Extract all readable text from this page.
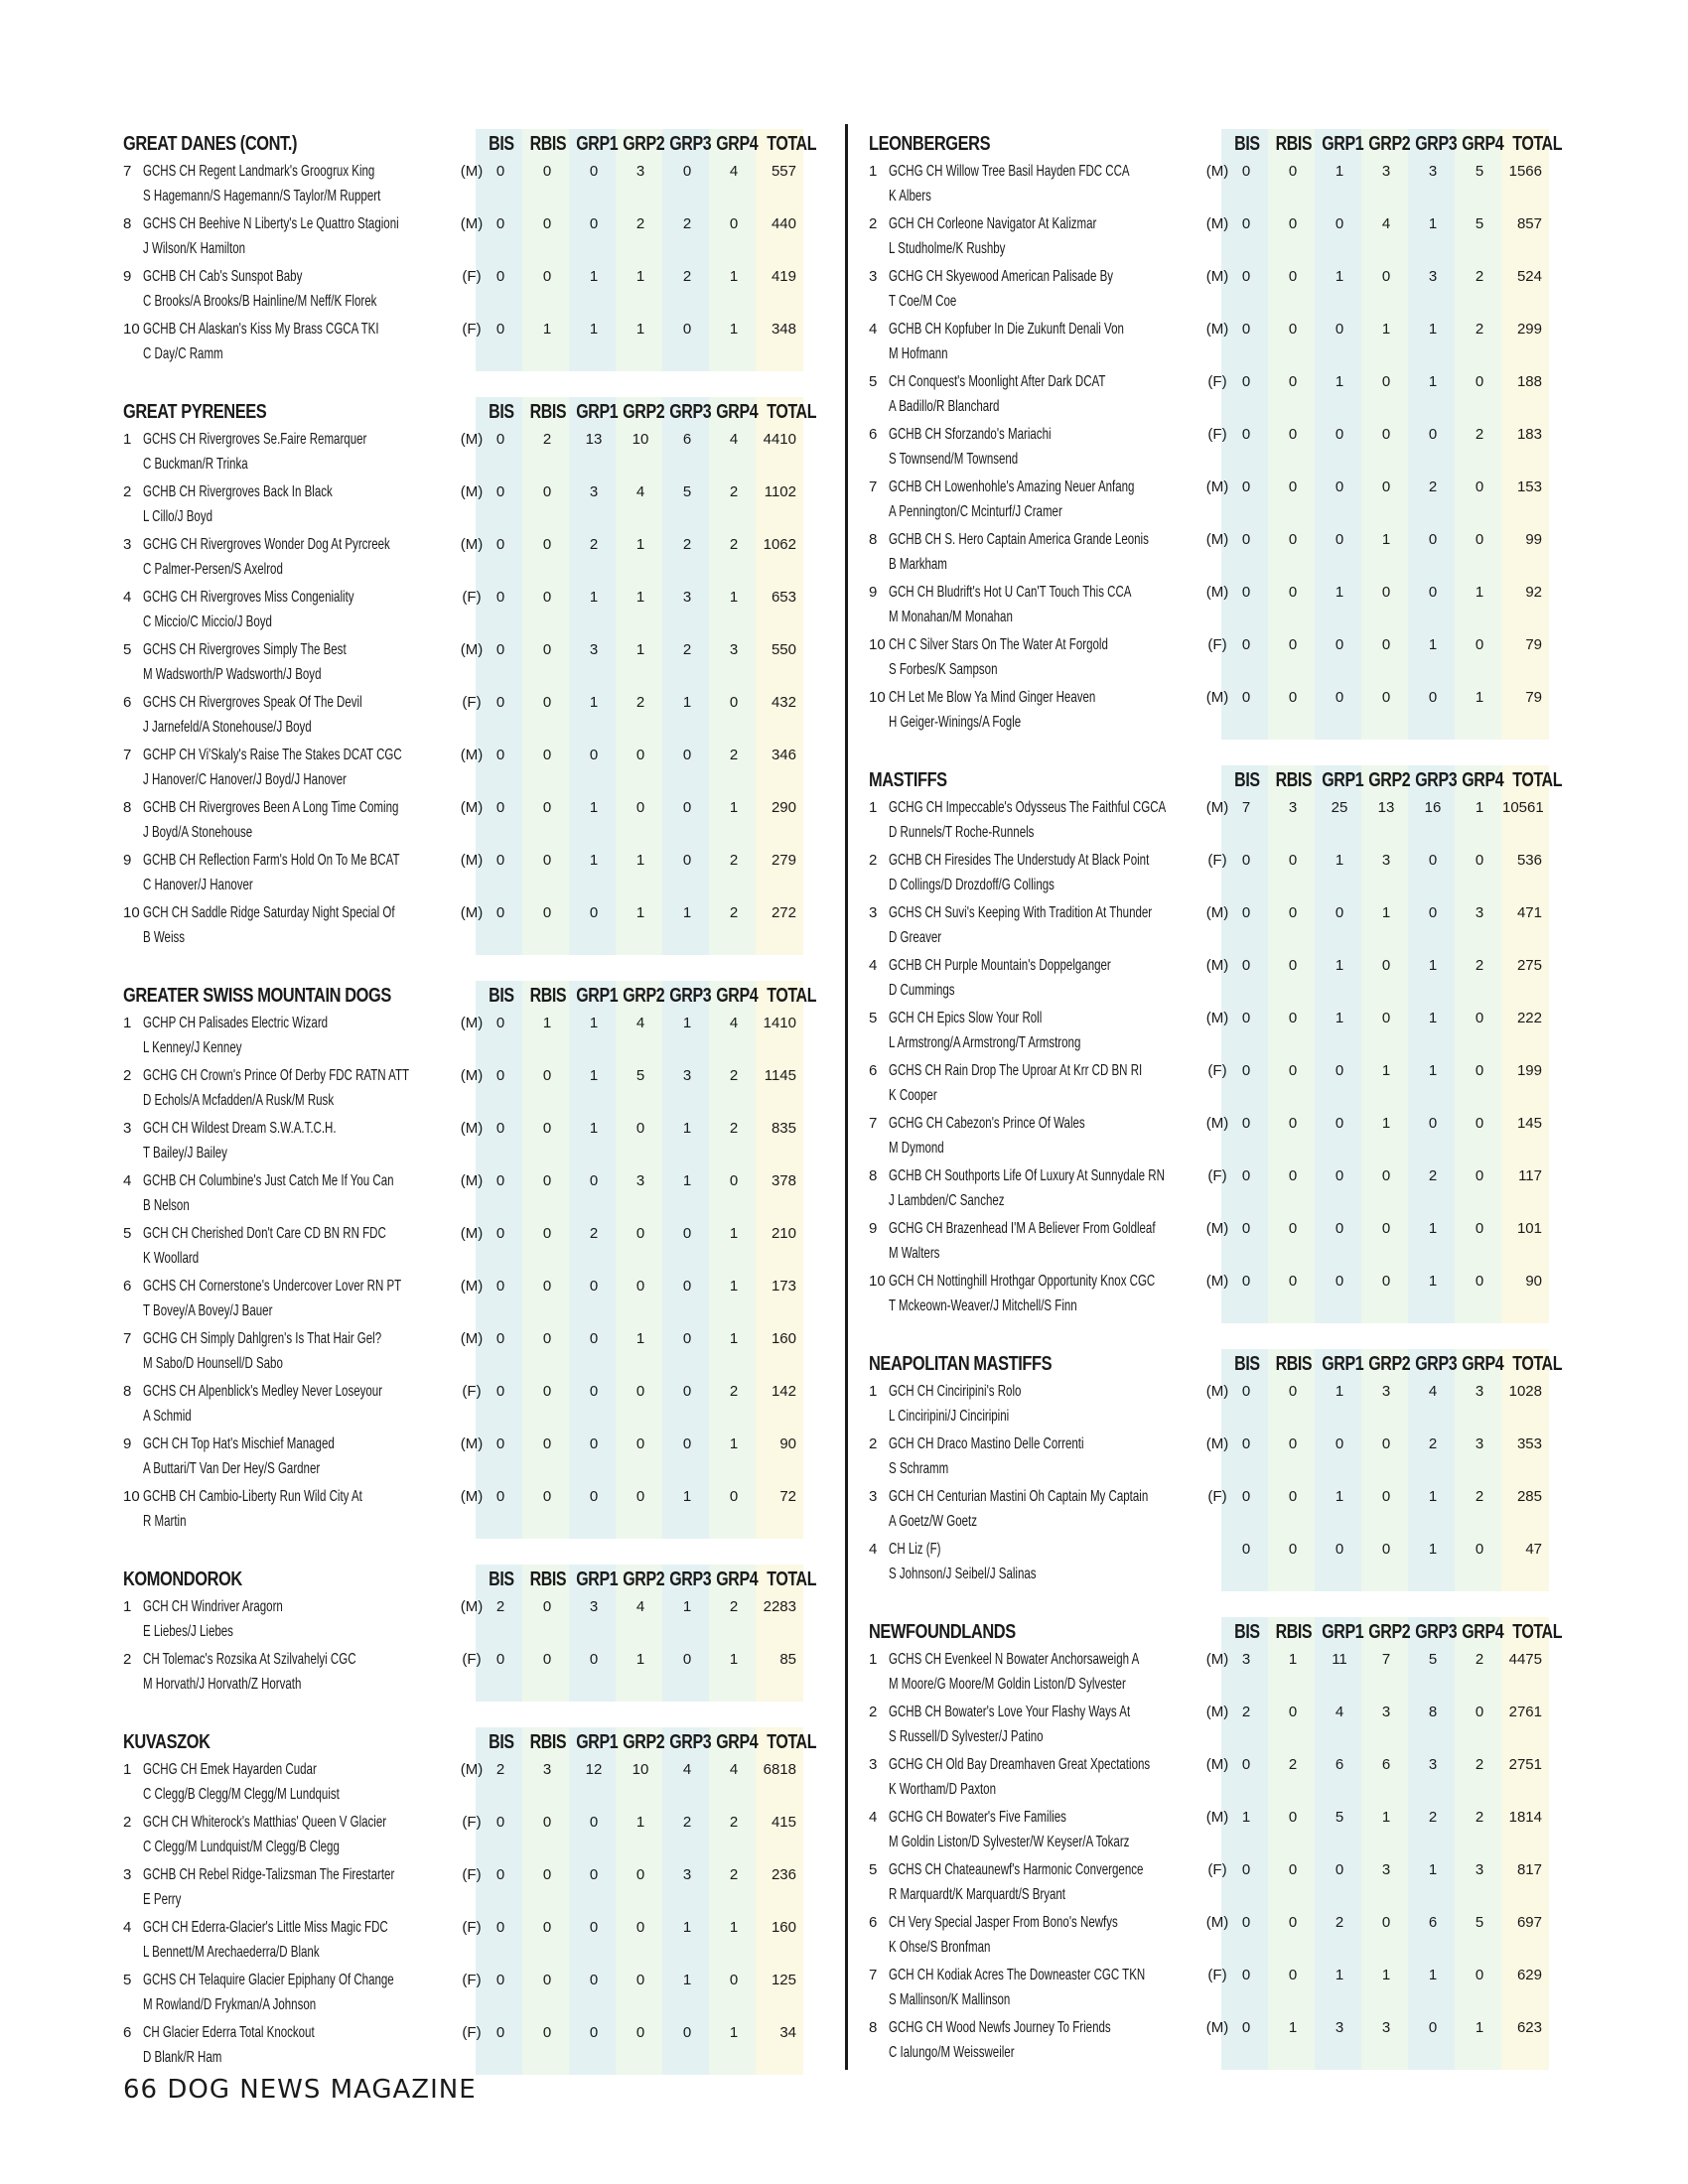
GREAT DANES (CONT.)	BIS RBIS GRP1 GRP2 GRP3 GRP4 TOTAL
7 GCHS CH Regent Landmark's Groogrux King
S Hagemann/S Hagemann/S Taylor/M Ruppert
(M) 0	0	0	3	0	4	557
8 GCHS CH Beehive N Liberty's Le Quattro Stagioni
J Wilson/K Hamilton
(M) 0	0	0	2	2	0	440
9 GCHB CH Cab's Sunspot Baby
C Brooks/A Brooks/B Hainline/M Neff/K Florek
(F)	0	0	1	1	2	1	419
10 GCHB CH Alaskan's Kiss My Brass CGCA TKI
C Day/C Ramm
(F)	0	1	1	1	0	1	348
GREAT PYRENEES	BIS RBIS GRP1 GRP2 GRP3 GRP4 TOTAL
1 GCHS CH Rivergroves Se.Faire Remarquer
C Buckman/R Trinka
(M) 0	2	13	10	6	4	4410
2 GCHB CH Rivergroves Back In Black
L Cillo/J Boyd
(M) 0	0	3	4	5	2	1102
3 GCHG CH Rivergroves Wonder Dog At Pyrcreek
C Palmer-Persen/S Axelrod
(M) 0	0	2	1	2	2	1062
4 GCHG CH Rivergroves Miss Congeniality
C Miccio/C Miccio/J Boyd
(F)	0	0	1	1	3	1	653
5 GCHS CH Rivergroves Simply The Best
M Wadsworth/P Wadsworth/J Boyd
(M) 0	0	3	1	2	3	550
6 GCHS CH Rivergroves Speak Of The Devil
J Jarnefeld/A Stonehouse/J Boyd
(F)	0	0	1	2	1	0	432
7 GCHP CH Vi'Skaly's Raise The Stakes DCAT CGC
J Hanover/C Hanover/J Boyd/J Hanover
(M) 0	0	0	0	0	2	346
8 GCHB CH Rivergroves Been A Long Time Coming
J Boyd/A Stonehouse
(M) 0	0	1	0	0	1	290
9 GCHB CH Reflection Farm's Hold On To Me BCAT
C Hanover/J Hanover
(M) 0	0	1	1	0	2	279
10 GCH CH Saddle Ridge Saturday Night Special Of
B Weiss
(M) 0	0	0	1	1	2	272
GREATER SWISS MOUNTAIN DOGS	BIS RBIS GRP1 GRP2 GRP3 GRP4 TOTAL
1 GCHP CH Palisades Electric Wizard
L Kenney/J Kenney
(M) 0	1	1	4	1	4	1410
2 GCHG CH Crown's Prince Of Derby FDC RATN ATT
D Echols/A Mcfadden/A Rusk/M Rusk
(M) 0	0	1	5	3	2	1145
3 GCH CH Wildest Dream S.W.A.T.C.H.
T Bailey/J Bailey
(M) 0	0	1	0	1	2	835
4 GCHB CH Columbine's Just Catch Me If You Can
B Nelson
(M) 0	0	0	3	1	0	378
5 GCH CH Cherished Don't Care CD BN RN FDC
K Woollard
(M) 0	0	2	0	0	1	210
6 GCHS CH Cornerstone's Undercover Lover RN PT
T Bovey/A Bovey/J Bauer
(M) 0	0	0	0	0	1	173
7 GCHG CH Simply Dahlgren's Is That Hair Gel?
M Sabo/D Hounsell/D Sabo
(M) 0	0	0	1	0	1	160
8 GCHS CH Alpenblick's Medley Never Loseyour
A Schmid
(F)	0	0	0	0	0	2	142
9 GCH CH Top Hat's Mischief Managed
A Buttari/T Van Der Hey/S Gardner
(M) 0	0	0	0	0	1	90
10 GCHB CH Cambio-Liberty Run Wild City At
R Martin
(M) 0	0	0	0	1	0	72
KOMONDOROK	BIS RBIS GRP1 GRP2 GRP3 GRP4 TOTAL
1 GCH CH Windriver Aragorn
E Liebes/J Liebes
(M) 2	0	3	4	1	2	2283
2 CH Tolemac's Rozsika At Szilvahelyi CGC
M Horvath/J Horvath/Z Horvath
(F)	0	0	0	1	0	1	85
KUVASZOK	BIS RBIS GRP1 GRP2 GRP3 GRP4 TOTAL
1 GCHG CH Emek Hayarden Cudar
C Clegg/B Clegg/M Clegg/M Lundquist
(M) 2	3	12	10	4	4	6818
2 GCH CH Whiterock's Matthias' Queen V Glacier
C Clegg/M Lundquist/M Clegg/B Clegg
(F)	0	0	0	1	2	2	415
3 GCHB CH Rebel Ridge-Talizsman The Firestarter
E Perry
(F)	0	0	0	0	3	2	236
4 GCH CH Ederra-Glacier's Little Miss Magic FDC
L Bennett/M Arechaederra/D Blank
(F)	0	0	0	0	1	1	160
5 GCHS CH Telaquire Glacier Epiphany Of Change
M Rowland/D Frykman/A Johnson
(F)	0	0	0	0	1	0	125
6 CH Glacier Ederra Total Knockout
D Blank/R Ham
(F)	0	0	0	0	0	1	34
LEONBERGERS	BIS RBIS GRP1 GRP2 GRP3 GRP4 TOTAL
1 GCHG CH Willow Tree Basil Hayden FDC CCA
K Albers
(M) 0	0	1	3	3	5	1566
2 GCH CH Corleone Navigator At Kalizmar
L Studholme/K Rushby
(M) 0	0	0	4	1	5	857
3 GCHG CH Skyewood American Palisade By
T Coe/M Coe
(M) 0	0	1	0	3	2	524
4 GCHB CH Kopfuber In Die Zukunft Denali Von
M Hofmann
(M) 0	0	0	1	1	2	299
5 CH Conquest's Moonlight After Dark DCAT
A Badillo/R Blanchard
(F)	0	0	1	0	1	0	188
6 GCHB CH Sforzando's Mariachi
S Townsend/M Townsend
(F)	0	0	0	0	0	2	183
7 GCHB CH Lowenhohle's Amazing Neuer Anfang
A Pennington/C Mcinturf/J Cramer
(M) 0	0	0	0	2	0	153
8 GCHB CH S. Hero Captain America Grande Leonis
B Markham
(M) 0	0	0	1	0	0	99
9 GCH CH Bludrift's Hot U Can'T Touch This CCA
M Monahan/M Monahan
(M) 0	0	1	0	0	1	92
10 CH C Silver Stars On The Water At Forgold
S Forbes/K Sampson
(F)	0	0	0	0	1	0	79
10 CH Let Me Blow Ya Mind Ginger Heaven
H Geiger-Winings/A Fogle
(M) 0	0	0	0	0	1	79
MASTIFFS	BIS RBIS GRP1 GRP2 GRP3 GRP4 TOTAL
1 GCHG CH Impeccable's Odysseus The Faithful CGCA
D Runnels/T Roche-Runnels
(M) 7	3	25	13	16	1	10561
2 GCHB CH Firesides The Understudy At Black Point
D Collings/D Drozdoff/G Collings
(F)	0	0	1	3	0	0	536
3 GCHS CH Suvi's Keeping With Tradition At Thunder
D Greaver
(M) 0	0	0	1	0	3	471
4 GCHB CH Purple Mountain's Doppelganger
D Cummings
(M) 0	0	1	0	1	2	275
5 GCH CH Epics Slow Your Roll
L Armstrong/A Armstrong/T Armstrong
(M) 0	0	1	0	1	0	222
6 GCHS CH Rain Drop The Uproar At Krr CD BN RI
K Cooper
(F)	0	0	0	1	1	0	199
7 GCHG CH Cabezon's Prince Of Wales
M Dymond
(M) 0	0	0	1	0	0	145
8 GCHB CH Southports Life Of Luxury At Sunnydale RN
J Lambden/C Sanchez
(F)	0	0	0	0	2	0	117
9 GCHG CH Brazenhead I'M A Believer From Goldleaf
M Walters
(M) 0	0	0	0	1	0	101
10 GCH CH Nottinghill Hrothgar Opportunity Knox CGC
T Mckeown-Weaver/J Mitchell/S Finn
(M) 0	0	0	0	1	0	90
NEAPOLITAN MASTIFFS	BIS RBIS GRP1 GRP2 GRP3 GRP4 TOTAL
1 GCH CH Cinciripini's Rolo
L Cinciripini/J Cinciripini
(M) 0	0	1	3	4	3	1028
2 GCH CH Draco Mastino Delle Correnti
S Schramm
(M) 0	0	0	0	2	3	353
3 GCH CH Centurian Mastini Oh Captain My Captain
A Goetz/W Goetz
(F)	0	0	1	0	1	2	285
4 CH Liz (F)
S Johnson/J Seibel/J Salinas
0	0	0	0	1	0	47
NEWFOUNDLANDS	BIS RBIS GRP1 GRP2 GRP3 GRP4 TOTAL
1 GCHS CH Evenkeel N Bowater Anchorsaweigh A
M Moore/G Moore/M Goldin Liston/D Sylvester
(M) 3	1	11	7	5	2	4475
2 GCHB CH Bowater's Love Your Flashy Ways At
S Russell/D Sylvester/J Patino
(M) 2	0	4	3	8	0	2761
3 GCHG CH Old Bay Dreamhaven Great Xpectations
K Wortham/D Paxton
(M) 0	2	6	6	3	2	2751
4 GCHG CH Bowater's Five Families
M Goldin Liston/D Sylvester/W Keyser/A Tokarz
(M) 1	0	5	1	2	2	1814
5 GCHS CH Chateaunewf's Harmonic Convergence
R Marquardt/K Marquardt/S Bryant
(F)	0	0	0	3	1	3	817
6 CH Very Special Jasper From Bono's Newfys
K Ohse/S Bronfman
(M) 0	0	2	0	6	5	697
7 GCH CH Kodiak Acres The Downeaster CGC TKN
S Mallinson/K Mallinson
(F)	0	0	1	1	1	0	629
8 GCHG CH Wood Newfs Journey To Friends
C Ialungo/M Weissweiler
(M) 0	1	3	3	0	1	623
66 DOG NEWS MAGAZINE
